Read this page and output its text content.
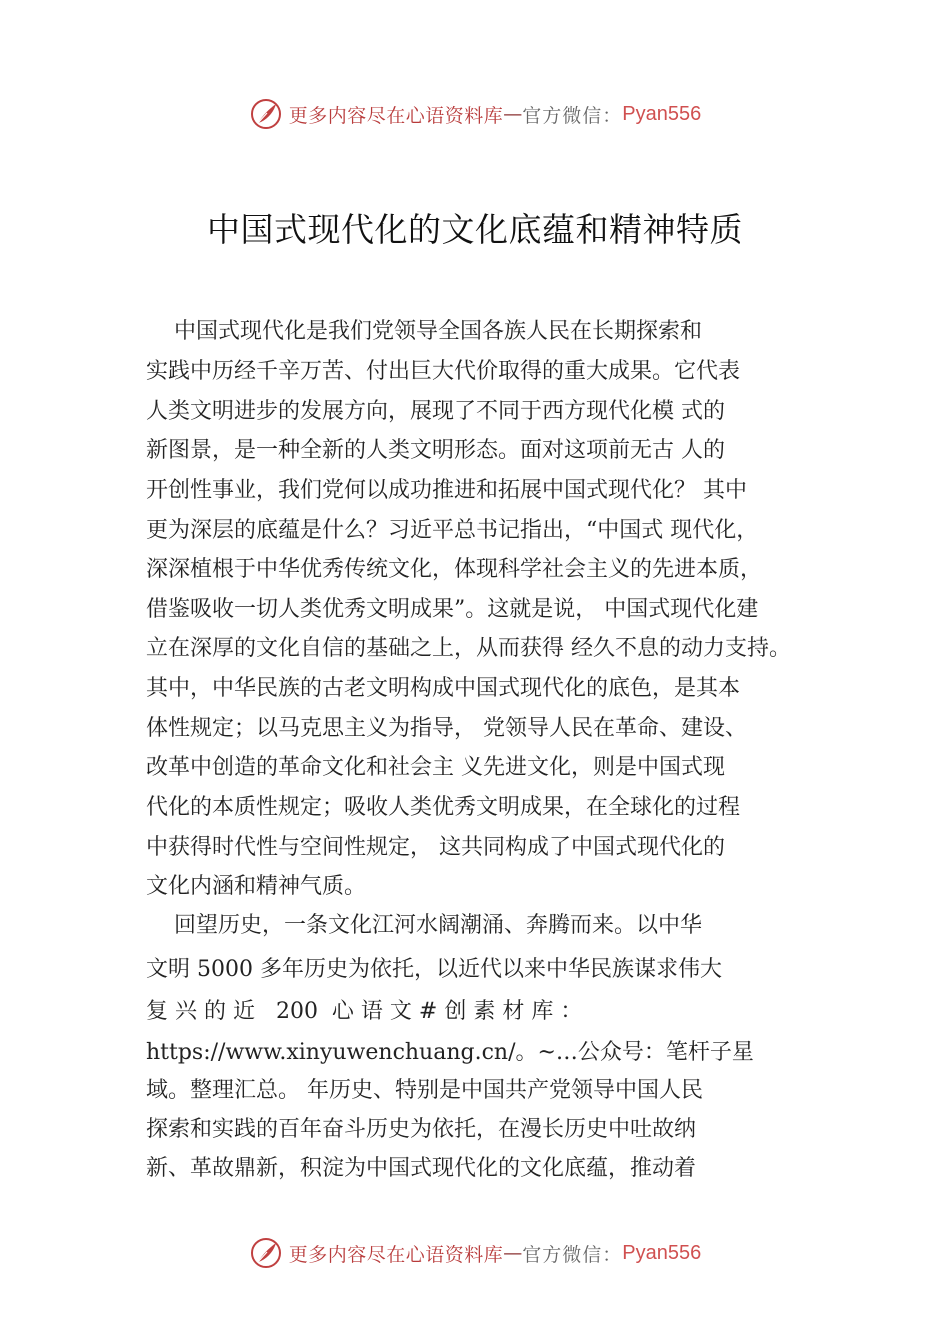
更多内容尽在心语资料库 — 官方微信： Pyan556
中国式现代化的文化底蕴和精神特质
中国式现代化是我们党领导全国各族人民在长期探索和
实践中历经千辛万苦、付出巨大代价取得的重大成果。它代表
人类文明进步的发展方向，展现了不同于西方现代化模 式的
新图景，是一种全新的人类文明形态。面对这项前无古 人的
开创性事业，我们党何以成功推进和拓展中国式现代化？ 其中
更为深层的底蕴是什么？习近平总书记指出，“中国式 现代化，
深深植根于中华优秀传统文化，体现科学社会主义的先进本质，
借鉴吸收一切人类优秀文明成果”。这就是说， 中国式现代化建
立在深厚的文化自信的基础之上，从而获得 经久不息的动力支持。
其中，中华民族的古老文明构成中国式现代化的底色，是其本
体性规定；以马克思主义为指导， 党领导人民在革命、建设、
改革中创造的革命文化和社会主 义先进文化，则是中国式现
代化的本质性规定；吸收人类优秀文明成果，在全球化的过程
中获得时代性与空间性规定， 这共同构成了中国式现代化的
文化内涵和精神气质。
回望历史，一条文化江河水阔潮涌、奔腾而来。以中华
文明 5000 多年历史为依托，以近代以来中华民族谋求伟大
复 兴 的 近   200  心 语 文 # 创 素 材 库 ：
https://www.xinyuwenchuang.cn/。~…公众号：笔杆子星
域。整理汇总。 年历史、特别是中国共产党领导中国人民
探索和实践的百年奋斗历史为依托，在漫长历史中吐故纳
新、革故鼎新，积淀为中国式现代化的文化底蕴，推动着
更多内容尽在心语资料库 — 官方微信： Pyan556
